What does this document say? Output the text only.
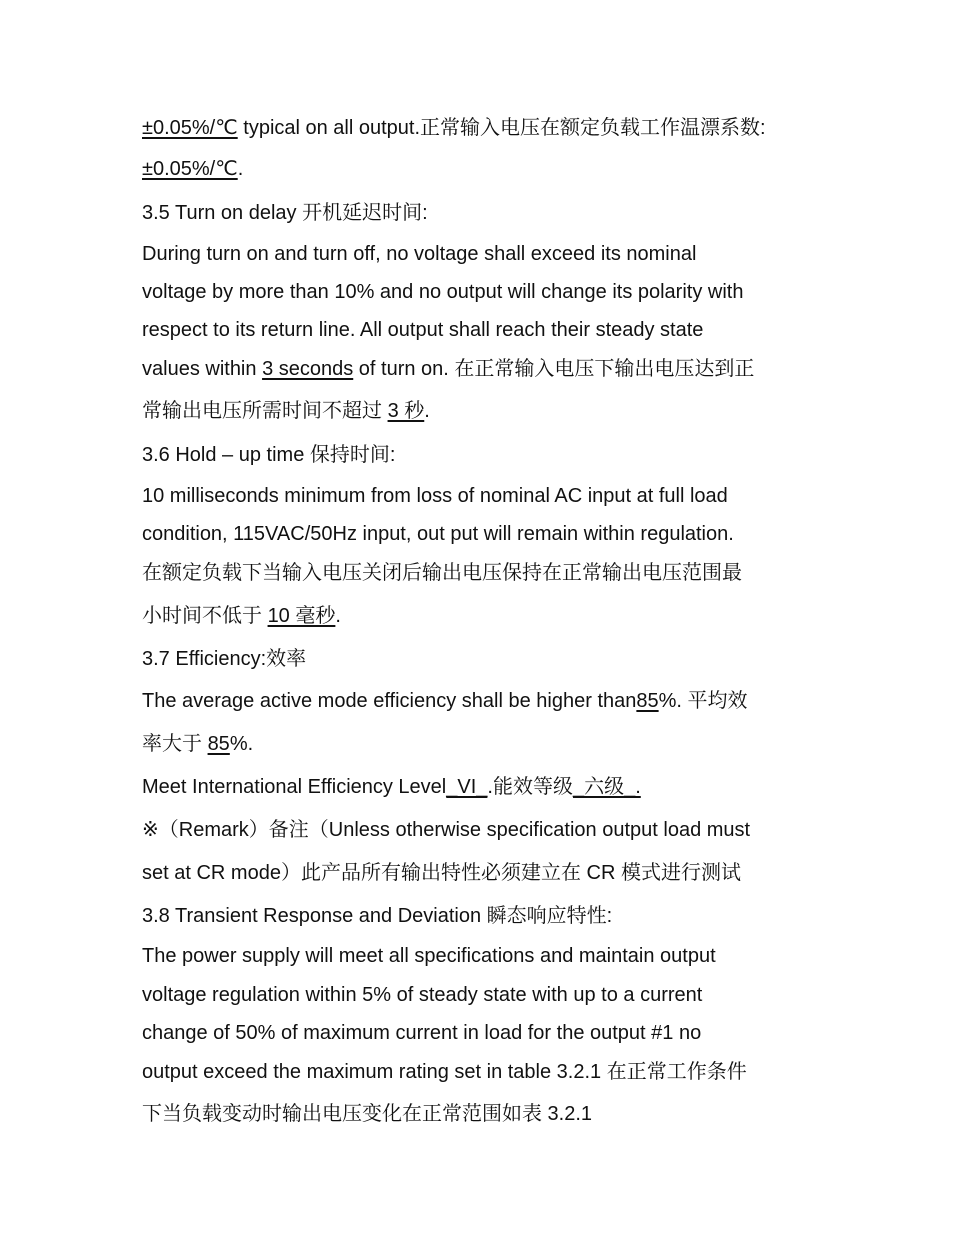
±0.05%/℃ typical on all output.正常输入电压在额定负载工作温漂系数:
±0.05%/℃.
3.5 Turn on delay 开机延迟时间:
During turn on and turn off, no voltage shall exceed its nominal
voltage by more than 10% and no output will change its polarity with
respect to its return line. All output shall reach their steady state
values within 3 seconds of turn on. 在正常输入电压下输出电压达到正
常输出电压所需时间不超过 3 秒.
3.6 Hold – up time 保持时间:
10 milliseconds minimum from loss of nominal AC input at full load
condition, 115VAC/50Hz input, out put will remain within regulation.
在额定负载下当输入电压关闭后输出电压保持在正常输出电压范围最
小时间不低于 10 毫秒.
3.7 Efficiency:效率
The average active mode efficiency shall be higher than85%. 平均效
率大于 85%.
Meet International Efficiency Level_VI_.能效等级_六级_.
※（Remark）备注（Unless otherwise specification output load must
set at CR mode）此产品所有输出特性必须建立在 CR 模式进行测试
3.8 Transient Response and Deviation 瞬态响应特性:
The power supply will meet all specifications and maintain output
voltage regulation within 5% of steady state with up to a current
change of 50% of maximum current in load for the output #1 no
output exceed the maximum rating set in table 3.2.1 在正常工作条件
下当负载变动时输出电压变化在正常范围如表 3.2.1
